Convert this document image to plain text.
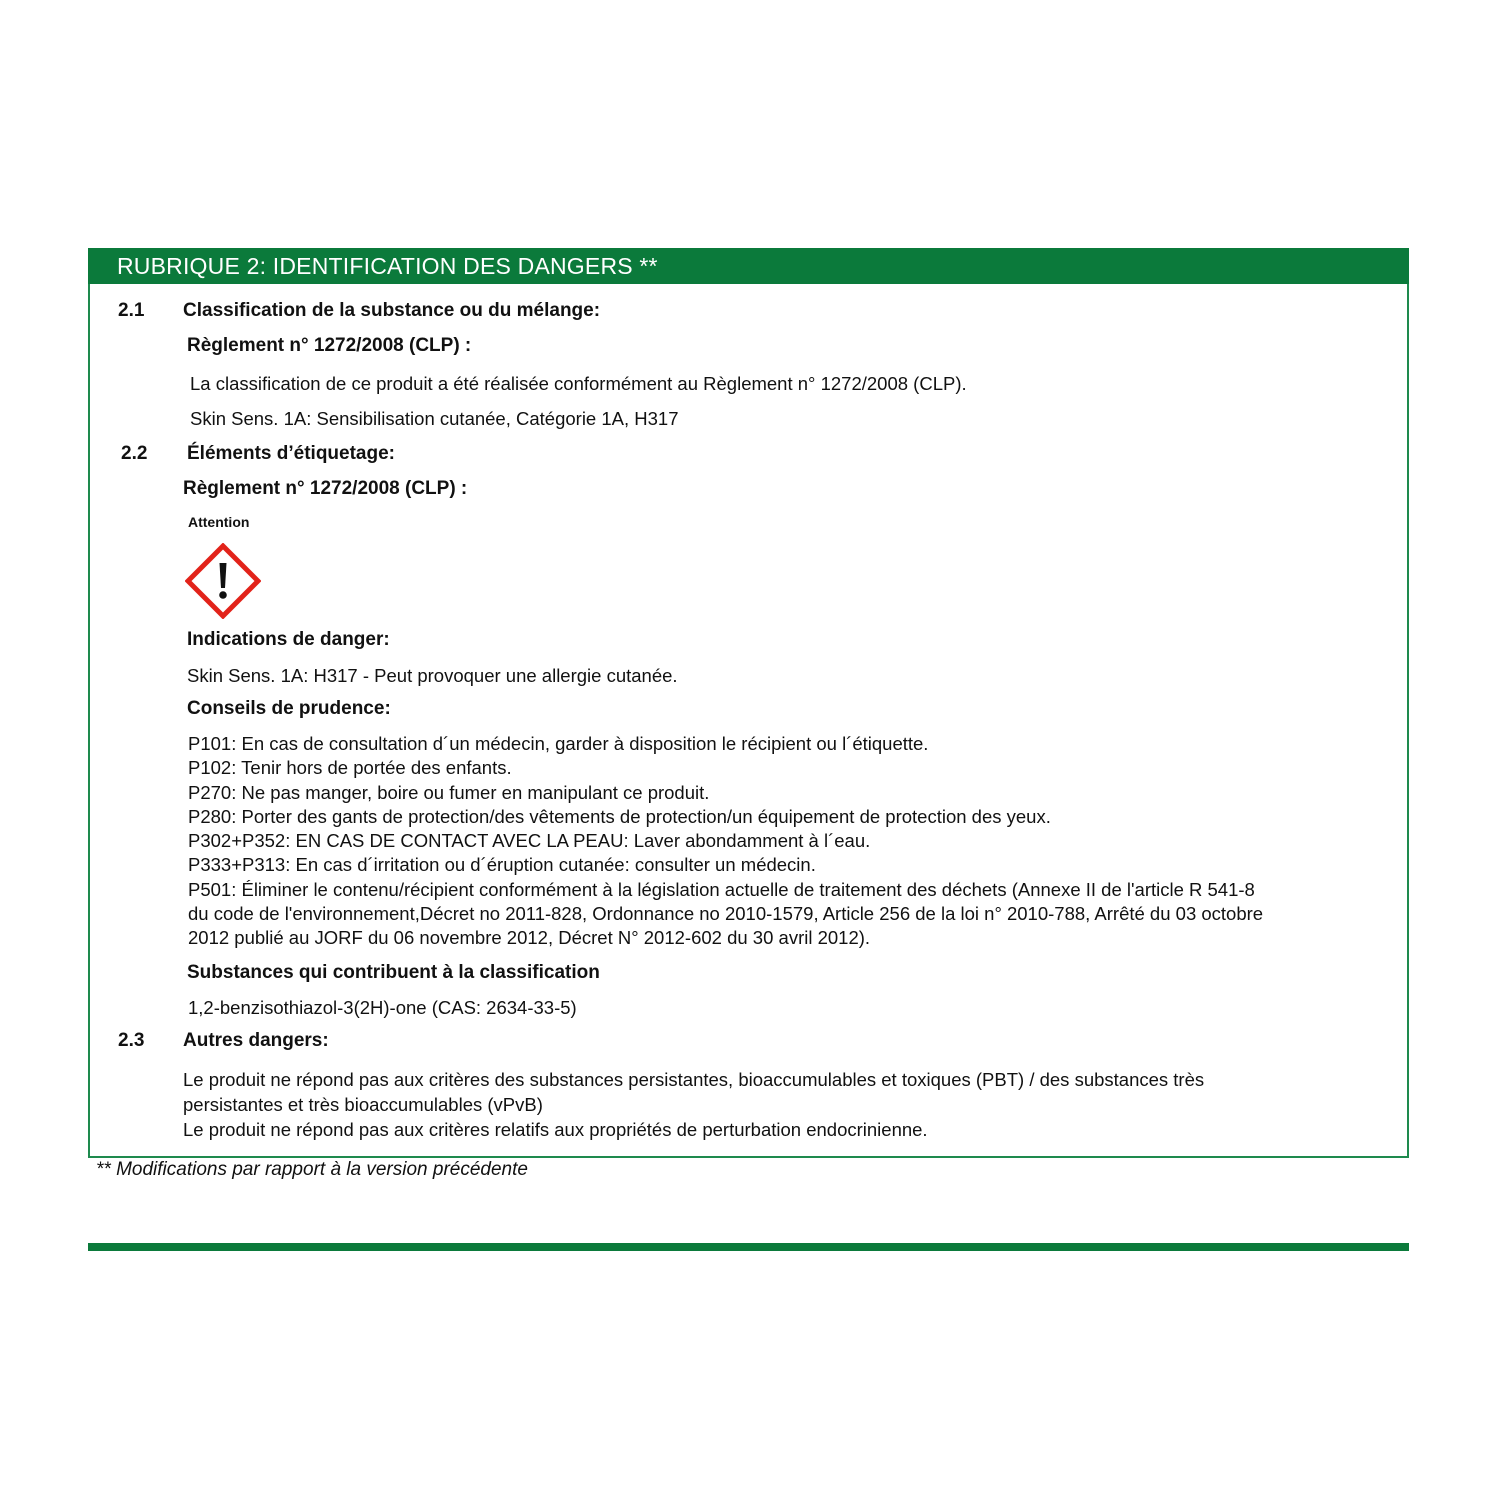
RUBRIQUE 2: IDENTIFICATION DES DANGERS **
2.1 Classification de la substance ou du mélange:
Règlement n° 1272/2008 (CLP) :
La classification de ce produit a été réalisée conformément au Règlement n° 1272/2008 (CLP).
Skin Sens. 1A: Sensibilisation cutanée, Catégorie 1A, H317
2.2 Éléments d’étiquetage:
Règlement n° 1272/2008 (CLP) :
Attention
Indications de danger:
Skin Sens. 1A: H317 - Peut provoquer une allergie cutanée.
Conseils de prudence:
P101: En cas de consultation d´un médecin, garder à disposition le récipient ou l´étiquette.
P102: Tenir hors de portée des enfants.
P270: Ne pas manger, boire ou fumer en manipulant ce produit.
P280: Porter des gants de protection/des vêtements de protection/un équipement de protection des yeux.
P302+P352: EN CAS DE CONTACT AVEC LA PEAU: Laver abondamment à l´eau.
P333+P313: En cas d´irritation ou d´éruption cutanée: consulter un médecin.
P501: Éliminer le contenu/récipient conformément à la législation actuelle de traitement des déchets (Annexe II de l'article R 541-8
du code de l'environnement,Décret no 2011-828, Ordonnance no 2010-1579, Article 256 de la loi n° 2010-788, Arrêté du 03 octobre
2012 publié au JORF du 06 novembre 2012, Décret N° 2012-602 du 30 avril 2012).
Substances qui contribuent à la classification
1,2-benzisothiazol-3(2H)-one (CAS: 2634-33-5)
2.3 Autres dangers:
Le produit ne répond pas aux critères des substances persistantes, bioaccumulables et toxiques (PBT) / des substances très
persistantes et très bioaccumulables (vPvB)
Le produit ne répond pas aux critères relatifs aux propriétés de perturbation endocrinienne.
** Modifications par rapport à la version précédente
